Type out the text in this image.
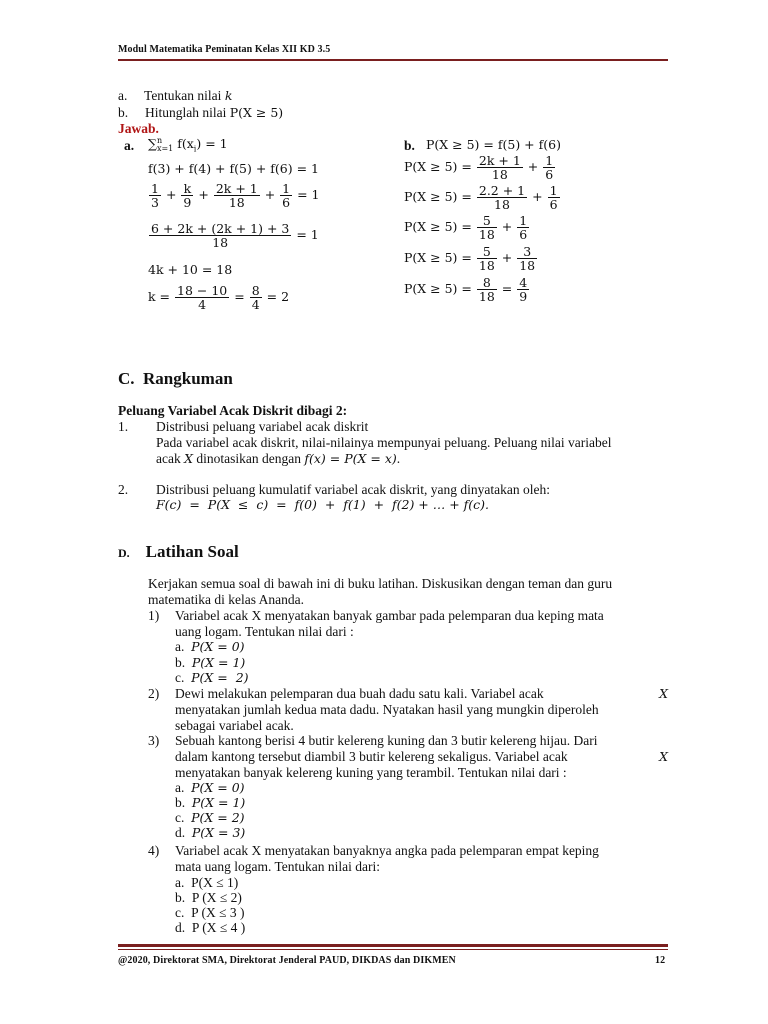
Modul Matematika Peminatan Kelas XII KD 3.5
a. Tentukan nilai k
b. Hitunglah nilai P(X ≥ 5)
Jawab.
a. ∑ n
x=1 $f(x_i) = 1$
f(3) + f(4) + f(5) + f(6) = 1
$\frac{1}{3} + \frac{k}{9} + \frac{2k + 1}{18} + \frac{1}{6} = 1$
$\frac{6 + 2k + (2k + 1) + 3}{18} = 1$
4k + 10 = 18
$k = \frac{18 - 10}{4} = \frac{8}{4} = 2$
b. P(X ≥ 5) = f(5) + f(6)
$P(X \ge 5) = \frac{2k + 1}{18} + \frac{1}{6}$
$P(X \ge 5) = \frac{2.2 + 1}{18} + \frac{1}{6}$
$P(X \ge 5) = \frac{5}{18} + \frac{1}{6}$
$P(X \ge 5) = \frac{5}{18} + \frac{3}{18}$
$P(X \ge 5) = \frac{8}{18} = \frac{4}{9}$
C. Rangkuman
Peluang Variabel Acak Diskrit dibagi 2:
1. Distribusi peluang variabel acak diskrit
Pada variabel acak diskrit, nilai-nilainya mempunyai peluang. Peluang nilai variabel
acak X dinotasikan dengan f(x) = P(X = x).
2. Distribusi peluang kumulatif variabel acak diskrit, yang dinyatakan oleh:
F(c)  =  P(X  ≤  c)  =  f(0)  +  f(1)  +  f(2) + … + f(c).
D. Latihan Soal
Kerjakan semua soal di bawah ini di buku latihan. Diskusikan dengan teman dan guru
matematika di kelas Ananda.
1) Variabel acak X menyatakan banyak gambar pada pelemparan dua keping mata
uang logam. Tentukan nilai dari :
a. P(X = 0)
b. P(X = 1)
c. P(X =  2)
2) Dewi melakukan pelemparan dua buah dadu satu kali. Variabel acak	X
menyatakan jumlah kedua mata dadu. Nyatakan hasil yang mungkin diperoleh
sebagai variabel acak.
3) Sebuah kantong berisi 4 butir kelereng kuning dan 3 butir kelereng hijau. Dari
dalam kantong tersebut diambil 3 butir kelereng sekaligus. Variabel acak	X
menyatakan banyak kelereng kuning yang terambil. Tentukan nilai dari :
a. P(X = 0)
b. P(X = 1)
c. P(X = 2)
d. P(X = 3)
4) Variabel acak X menyatakan banyaknya angka pada pelemparan empat keping
mata uang logam. Tentukan nilai dari:
a. P(X ≤ 1)
b. P (X ≤ 2)
c. P (X ≤ 3 )
d. P (X ≤ 4 )
@2020, Direktorat SMA, Direktorat Jenderal PAUD, DIKDAS dan DIKMEN	12
